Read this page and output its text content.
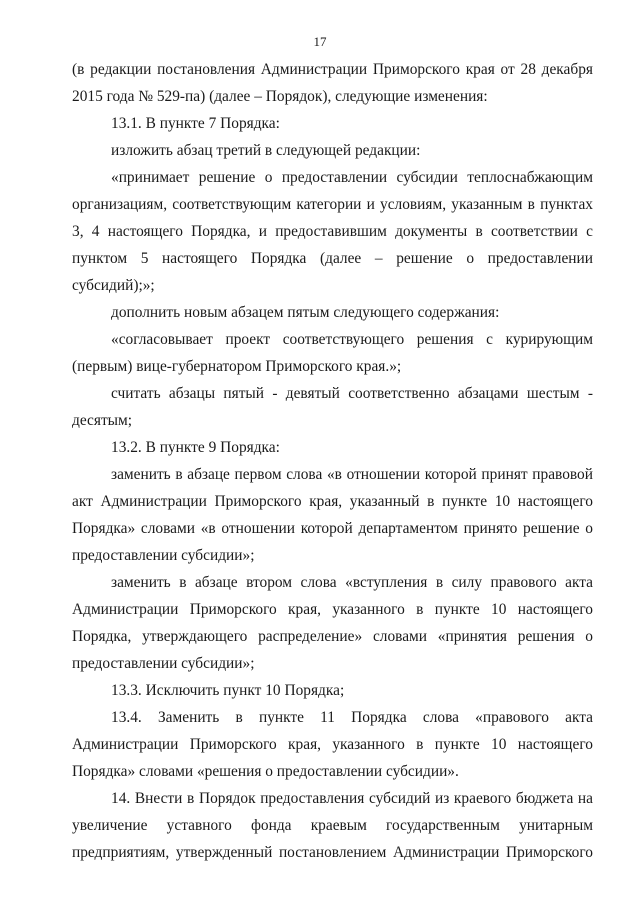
17

(в редакции постановления Администрации Приморского края от 28 декабря 2015 года № 529-па) (далее – Порядок), следующие изменения:

13.1. В пункте 7 Порядка:

изложить абзац третий в следующей редакции:

«принимает решение о предоставлении субсидии теплоснабжающим организациям, соответствующим категории и условиям, указанным в пунктах 3, 4 настоящего Порядка, и предоставившим документы в соответствии с пунктом 5 настоящего Порядка (далее – решение о предоставлении субсидий);»;

дополнить новым абзацем пятым следующего содержания:

«согласовывает проект соответствующего решения с курирующим (первым) вице-губернатором Приморского края.»;

считать абзацы пятый - девятый соответственно абзацами шестым - десятым;

13.2. В пункте 9 Порядка:

заменить в абзаце первом слова «в отношении которой принят правовой акт Администрации Приморского края, указанный в пункте 10 настоящего Порядка» словами «в отношении которой департаментом принято решение о предоставлении субсидии»;

заменить в абзаце втором слова «вступления в силу правового акта Администрации Приморского края, указанного в пункте 10 настоящего Порядка, утверждающего распределение» словами «принятия решения о предоставлении субсидии»;

13.3. Исключить пункт 10 Порядка;

13.4. Заменить в пункте 11 Порядка слова «правового акта Администрации Приморского края, указанного в пункте 10 настоящего Порядка» словами «решения о предоставлении субсидии».

14. Внести в Порядок предоставления субсидий из краевого бюджета на увеличение уставного фонда краевым государственным унитарным предприятиям, утвержденный постановлением Администрации Приморского
